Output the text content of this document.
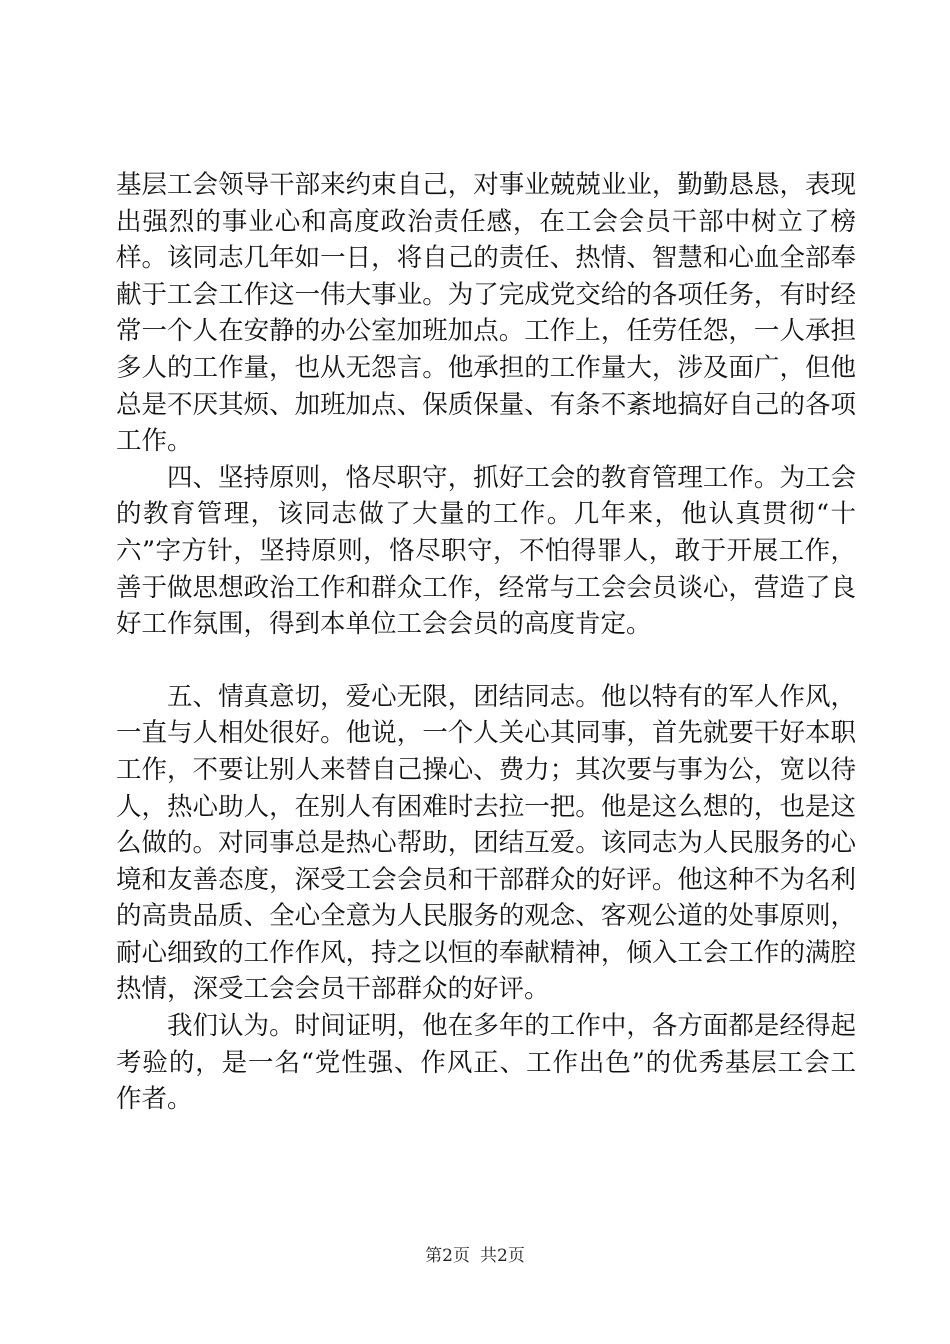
基层工会领导干部来约束自己，对事业兢兢业业，勤勤恳恳，表现出强烈的事业心和高度政治责任感，在工会会员干部中树立了榜样。该同志几年如一日，将自己的责任、热情、智慧和心血全部奉献于工会工作这一伟大事业。为了完成党交给的各项任务，有时经常一个人在安静的办公室加班加点。工作上，任劳任怨，一人承担多人的工作量，也从无怨言。他承担的工作量大，涉及面广，但他总是不厌其烦、加班加点、保质保量、有条不紊地搞好自己的各项工作。

四、坚持原则，恪尽职守，抓好工会的教育管理工作。为工会的教育管理，该同志做了大量的工作。几年来，他认真贯彻“十六”字方针，坚持原则，恪尽职守，不怕得罪人，敢于开展工作，善于做思想政治工作和群众工作，经常与工会会员谈心，营造了良好工作氛围，得到本单位工会会员的高度肯定。

五、情真意切，爱心无限，团结同志。他以特有的军人作风，一直与人相处很好。他说，一个人关心其同事，首先就要干好本职工作，不要让别人来替自己操心、费力；其次要与事为公，宽以待人，热心助人，在别人有困难时去拉一把。他是这么想的，也是这么做的。对同事总是热心帮助，团结互爱。该同志为人民服务的心境和友善态度，深受工会会员和干部群众的好评。他这种不为名利的高贵品质、全心全意为人民服务的观念、客观公道的处事原则，耐心细致的工作作风，持之以恒的奉献精神，倾入工会工作的满腔热情，深受工会会员干部群众的好评。

我们认为。时间证明，他在多年的工作中，各方面都是经得起考验的，是一名“党性强、作风正、工作出色”的优秀基层工会工作者。

第2页 共2页
